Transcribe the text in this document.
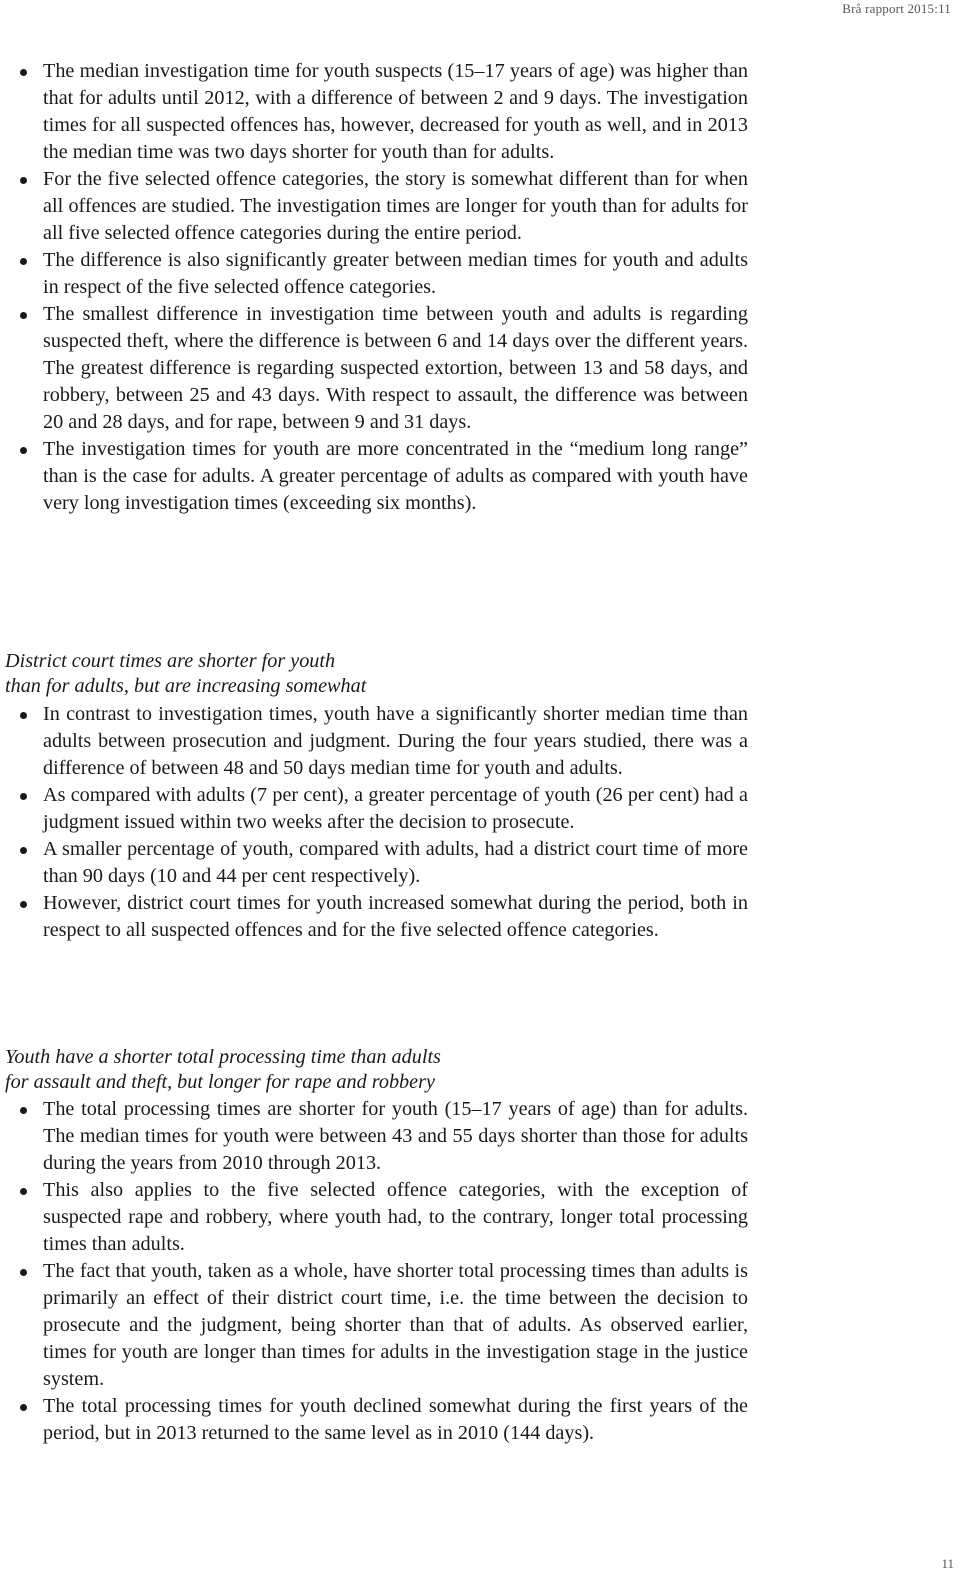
Brå rapport 2015:11
The median investigation time for youth suspects (15–17 years of age) was higher than that for adults until 2012, with a difference of between 2 and 9 days. The investigation times for all suspected offences has, however, decreased for youth as well, and in 2013 the median time was two days shorter for youth than for adults.
For the five selected offence categories, the story is somewhat different than for when all offences are studied. The investigation times are longer for youth than for adults for all five selected offence categories during the entire period.
The difference is also significantly greater between median times for youth and adults in respect of the five selected offence categories.
The smallest difference in investigation time between youth and adults is regarding suspected theft, where the difference is between 6 and 14 days over the different years. The greatest difference is regarding suspected extortion, between 13 and 58 days, and robbery, between 25 and 43 days. With respect to assault, the difference was between 20 and 28 days, and for rape, between 9 and 31 days.
The investigation times for youth are more concentrated in the “medium long range” than is the case for adults. A greater percentage of adults as compared with youth have very long investigation times (exceeding six months).
District court times are shorter for youth
than for adults, but are increasing somewhat
In contrast to investigation times, youth have a significantly shorter median time than adults between prosecution and judgment. During the four years studied, there was a difference of between 48 and 50 days median time for youth and adults.
As compared with adults (7 per cent), a greater percentage of youth (26 per cent) had a judgment issued within two weeks after the decision to prosecute.
A smaller percentage of youth, compared with adults, had a district court time of more than 90 days (10 and 44 per cent respectively).
However, district court times for youth increased somewhat during the period, both in respect to all suspected offences and for the five selected offence categories.
Youth have a shorter total processing time than adults
for assault and theft, but longer for rape and robbery
The total processing times are shorter for youth (15–17 years of age) than for adults. The median times for youth were between 43 and 55 days shorter than those for adults during the years from 2010 through 2013.
This also applies to the five selected offence categories, with the exception of suspected rape and robbery, where youth had, to the contrary, longer total processing times than adults.
The fact that youth, taken as a whole, have shorter total processing times than adults is primarily an effect of their district court time, i.e. the time between the decision to prosecute and the judgment, being shorter than that of adults. As observed earlier, times for youth are longer than times for adults in the investigation stage in the justice system.
The total processing times for youth declined somewhat during the first years of the period, but in 2013 returned to the same level as in 2010 (144 days).
11
